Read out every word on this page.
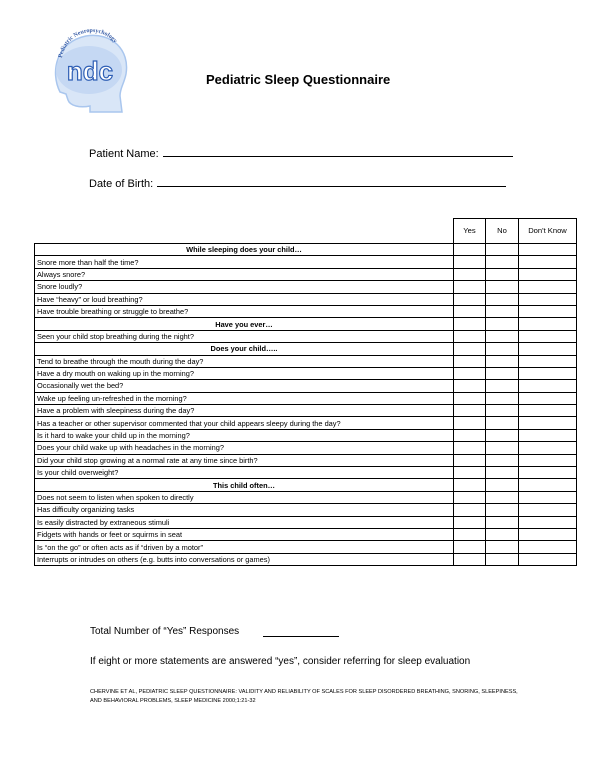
Pediatric Neuropsychology
ndc	Pediatric Sleep Questionnaire
Patient Name:
Date of Birth:
	Yes	No	Don't Know
While sleeping does your child…			
Snore more than half the time?			
Always snore?			
Snore loudly?			
Have “heavy” or loud breathing?			
Have trouble breathing or struggle to breathe?			
Have you ever…			
Seen your child stop breathing during the night?			
Does your child…..			
Tend to breathe through the mouth during the day?			
Have a dry mouth on waking up in the morning?			
Occasionally wet the bed?			
Wake up feeling un-refreshed in the morning?			
Have a problem with sleepiness during the day?			
Has a teacher or other supervisor commented that your child appears sleepy during the day?			
Is it hard to wake your child up in the morning?			
Does your child wake up with headaches in the morning?			
Did your child stop growing at a normal rate at any time since birth?			
Is your child overweight?			
This child often…			
Does not seem to listen when spoken to directly			
Has difficulty organizing tasks			
Is easily distracted by extraneous stimuli			
Fidgets with hands or feet or squirms in seat			
Is “on the go” or often acts as if “driven by a motor”			
Interrupts or intrudes on others (e.g. butts into conversations or games)			
Total Number of “Yes” Responses
If eight or more statements are answered “yes”, consider referring for sleep evaluation
CHERVINE ET AL, PEDIATRIC SLEEP QUESTIONNAIRE: VALIDITY AND RELIABILITY OF SCALES FOR SLEEP DISORDERED BREATHING, SNORING, SLEEPINESS, AND BEHAVIORAL PROBLEMS, SLEEP MEDICINE 2000;1:21-32
